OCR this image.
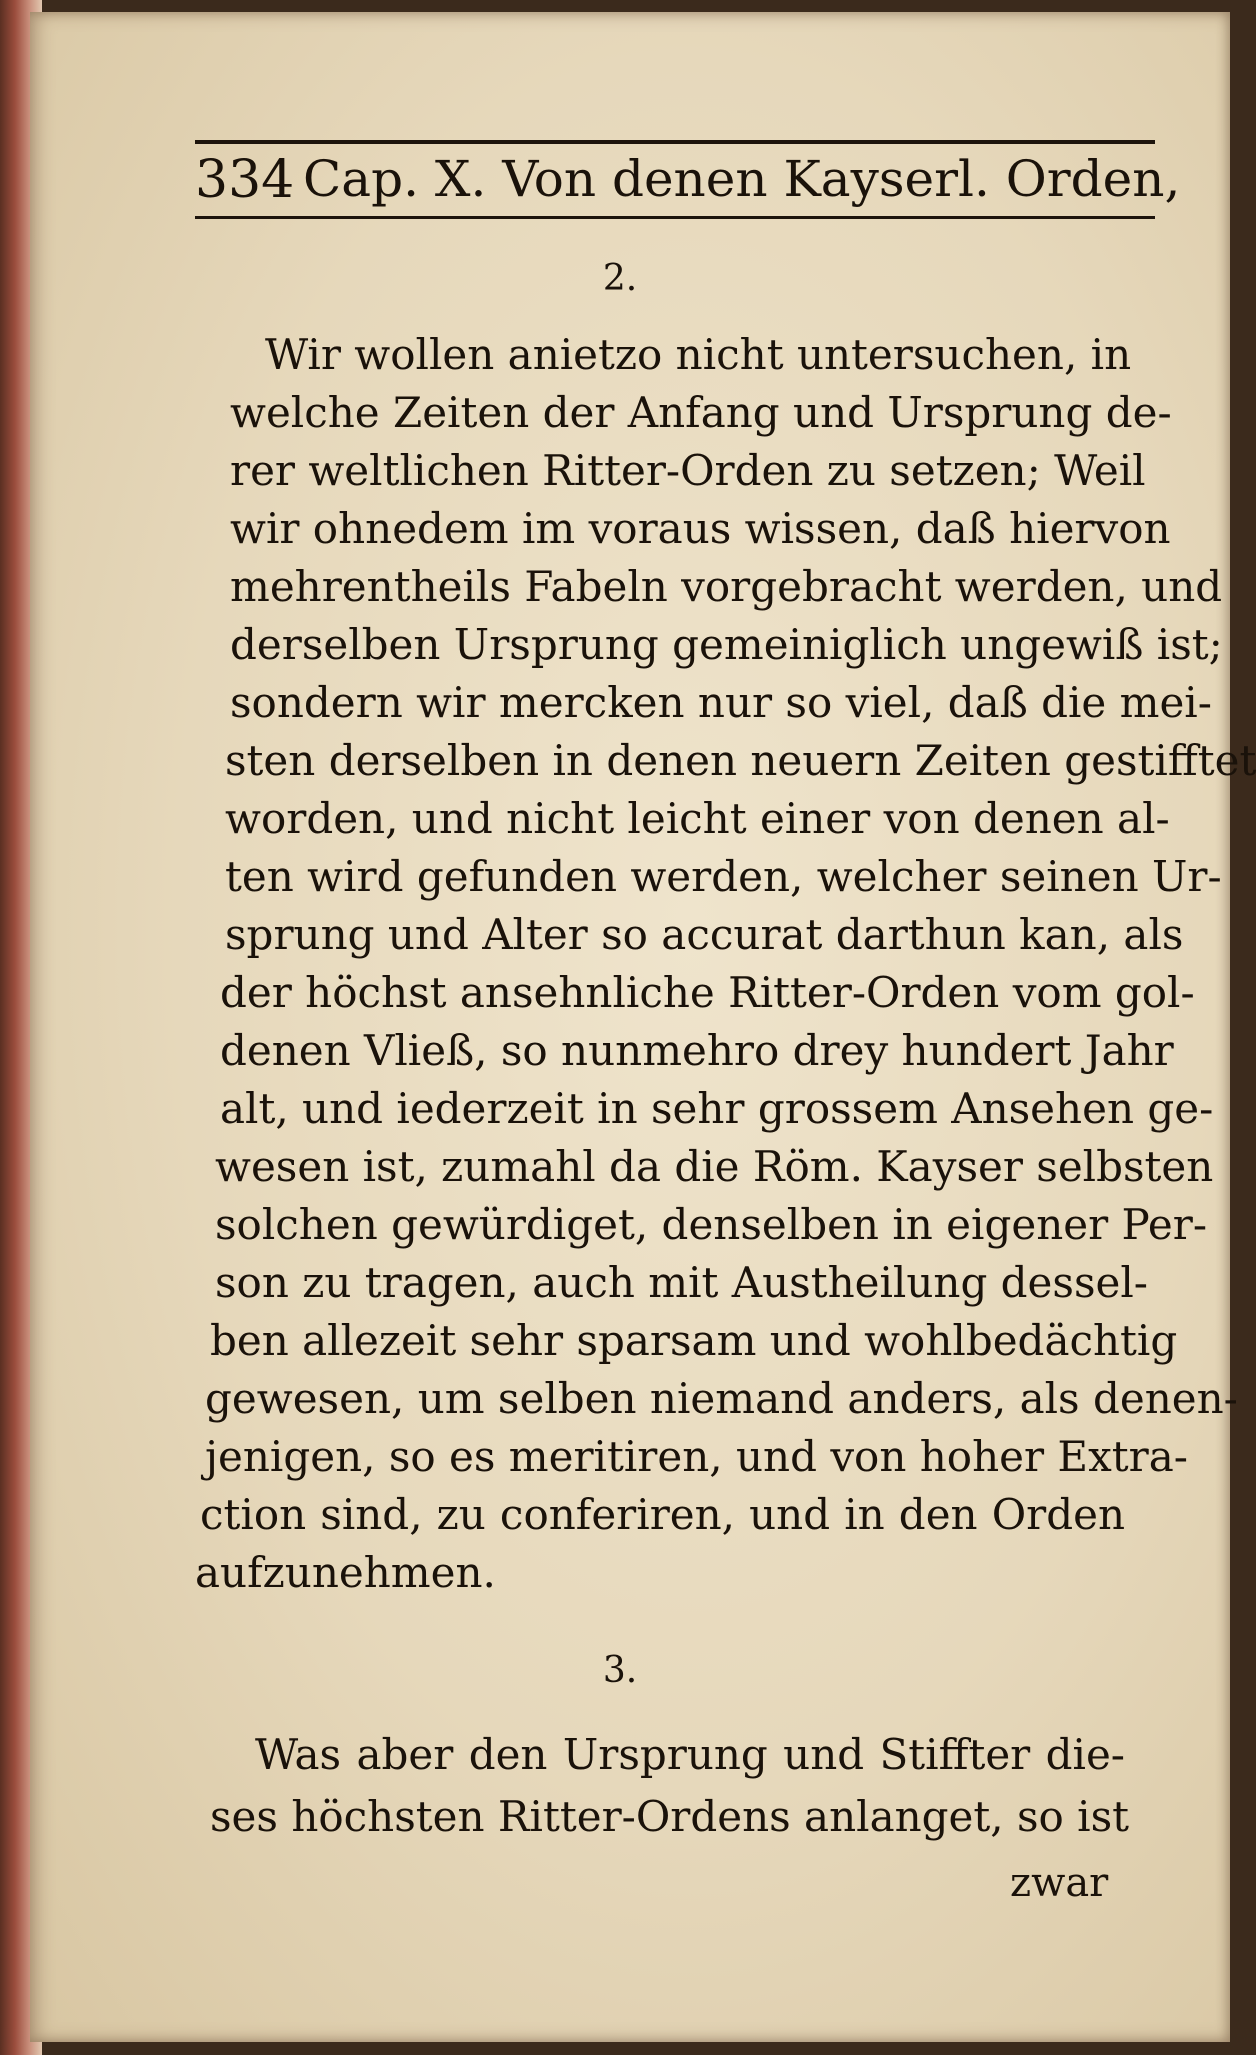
334 Cap. X. Von denen Kayserl. Orden,
2.
Wir wollen anietzo nicht untersuchen, in
welche Zeiten der Anfang und Ursprung de-
rer weltlichen Ritter-Orden zu setzen; Weil
wir ohnedem im voraus wissen, daß hiervon
mehrentheils Fabeln vorgebracht werden, und
derselben Ursprung gemeiniglich ungewiß ist;
sondern wir mercken nur so viel, daß die mei-
sten derselben in denen neuern Zeiten gestifftet
worden, und nicht leicht einer von denen al-
ten wird gefunden werden, welcher seinen Ur-
sprung und Alter so accurat darthun kan, als
der höchst ansehnliche Ritter-Orden vom gol-
denen Vließ, so nunmehro drey hundert Jahr
alt, und iederzeit in sehr grossem Ansehen ge-
wesen ist, zumahl da die Röm. Kayser selbsten
solchen gewürdiget, denselben in eigener Per-
son zu tragen, auch mit Austheilung dessel-
ben allezeit sehr sparsam und wohlbedächtig
gewesen, um selben niemand anders, als denen-
jenigen, so es meritiren, und von hoher Extra-
ction sind, zu conferiren, und in den Orden
aufzunehmen.
3.
Was aber den Ursprung und Stiffter die-
ses höchsten Ritter-Ordens anlanget, so ist
zwar
